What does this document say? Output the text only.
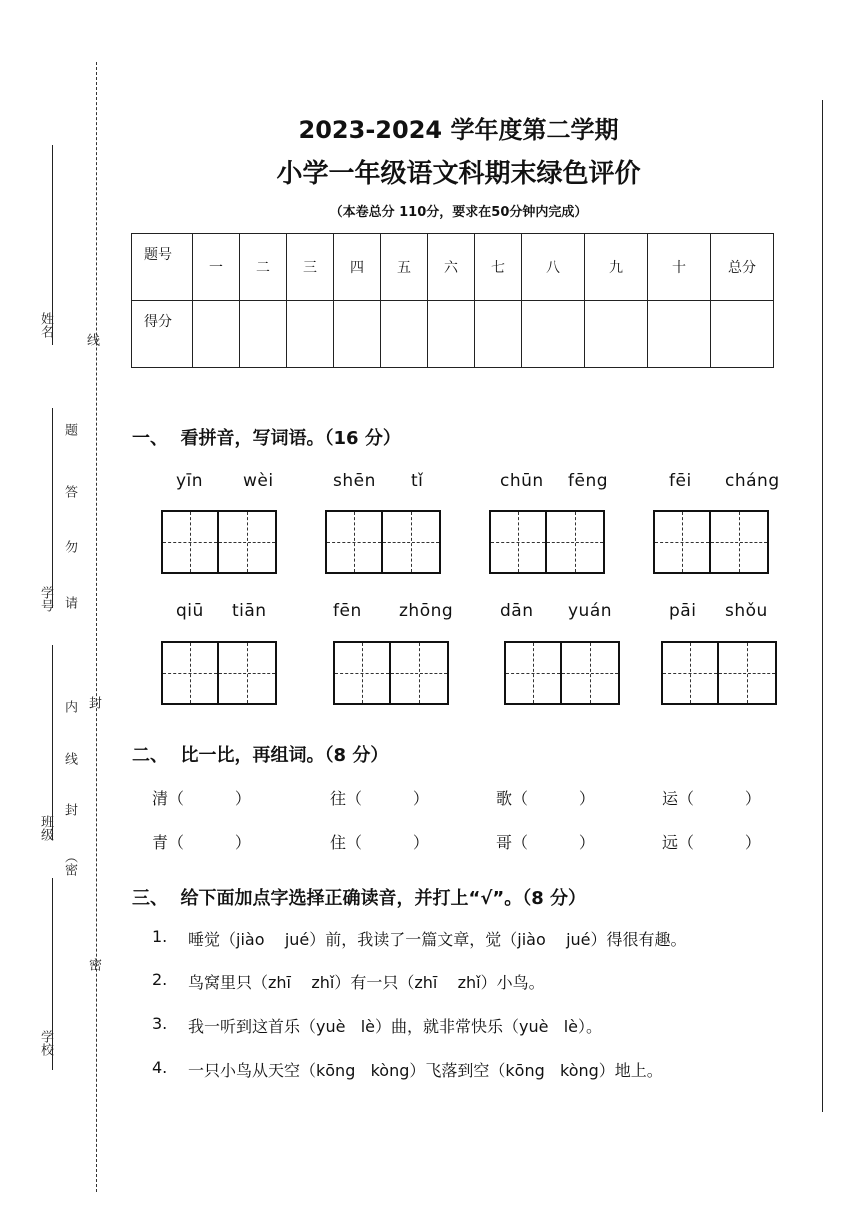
姓名
线
学号
题
答
勿
请
班级
封
内
线
封
（密
学校
密
2023-2024 学年度第二学期
小学一年级语文科期末绿色评价
（本卷总分 110分，要求在50分钟内完成）
题号	一	二	三	四	五	六	七	八	九	十	总分
得分											
一、  看拼音，写词语。（16 分）
yīn wèi	shēn tǐ	chūn fēng	fēi cháng
qiū tiān	fēn zhōng	dān yuán	pāi shǒu
二、  比一比，再组词。（8 分）
清（          ）	往（          ）	歌（          ）	运（          ）
青（          ）	住（          ）	哥（          ）	远（          ）
三、  给下面加点字选择正确读音，并打上“√”。（8 分）
1. 唾觉（jiào    jué）前，我读了一篇文章，觉（jiào    jué）得很有趣。
2. 鸟窝里只（zhī    zhǐ）有一只（zhī    zhǐ）小鸟。
3. 我一听到这首乐（yuè   lè）曲，就非常快乐（yuè   lè）。
4. 一只小鸟从天空（kōng   kòng）飞落到空（kōng   kòng）地上。
